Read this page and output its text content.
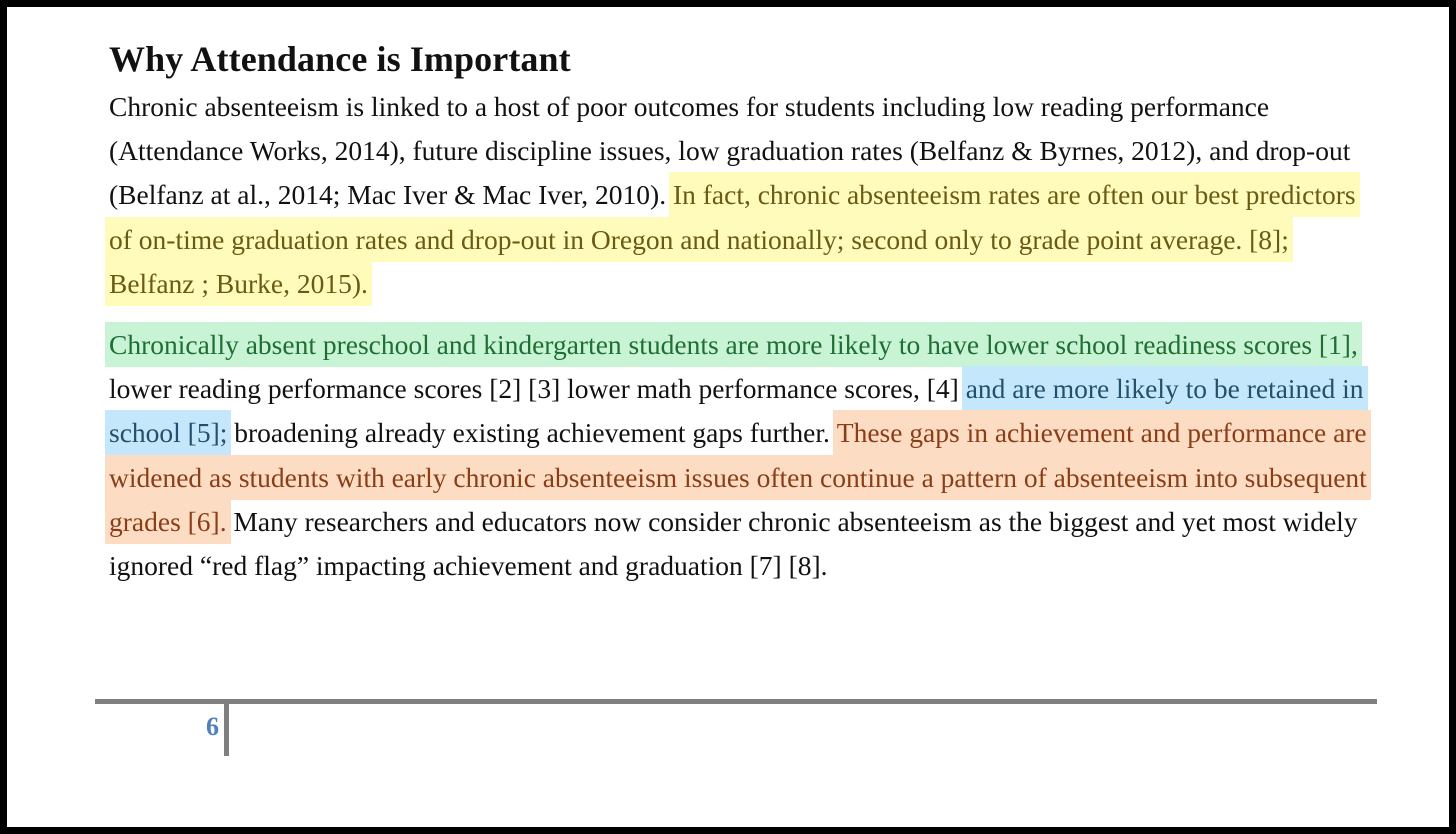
Why Attendance is Important

Chronic absenteeism is linked to a host of poor outcomes for students including low reading performance (Attendance Works, 2014), future discipline issues, low graduation rates (Belfanz & Byrnes, 2012), and drop-out (Belfanz at al., 2014; Mac Iver & Mac Iver, 2010). In fact, chronic absenteeism rates are often our best predictors of on-time graduation rates and drop-out in Oregon and nationally; second only to grade point average. [8]; Belfanz ; Burke, 2015).

Chronically absent preschool and kindergarten students are more likely to have lower school readiness scores [1], lower reading performance scores [2] [3] lower math performance scores, [4] and are more likely to be retained in school [5]; broadening already existing achievement gaps further. These gaps in achievement and performance are widened as students with early chronic absenteeism issues often continue a pattern of absenteeism into subsequent grades [6]. Many researchers and educators now consider chronic absenteeism as the biggest and yet most widely ignored “red flag” impacting achievement and graduation [7] [8].

6
